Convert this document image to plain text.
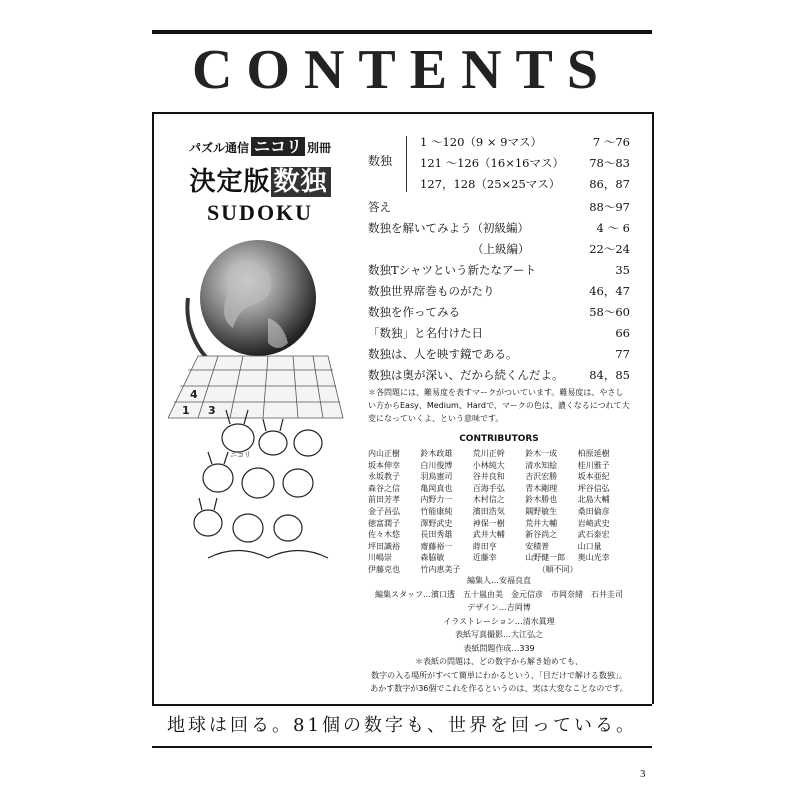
CONTENTS
パズル通信 ニコリ 別冊
決定版 数独
SUDOKU
4
1 3
ニコリ
数独
1 〜120（9 × 9マス）	7 〜76
121 〜126（16×16マス） 78〜83
127，128（25×25マス）	86，87
答え	88〜97
数独を解いてみよう（初級編）	4 〜 6
（上級編）	22〜24
数独Tシャツという新たなアート	35
数独世界席巻ものがたり	46，47
数独を作ってみる	58〜60
「数独」と名付けた日	66
数独は、人を映す鏡である。	77
数独は奥が深い、だから続くんだよ。 84，85
＊各問題には、難易度を表すマークがついています。難易度は、やさしい方からEasy、Medium、Hardで、マークの色は、濃くなるにつれて大変になっていくよ、という意味です。
CONTRIBUTORS
内山正樹	鈴木政雄	荒川正幹	鈴木一成	柏原延樹
坂本伸幸	白川俊博	小林純大	清水知絵	桂川雅子
永坂教子	羽鳥憲司	谷井良和	吉沢宏勝	坂本亜紀
森谷之信	亀岡真也	百海手弘	青木剛理	坪谷信弘
前田芳孝	内野力一	木村信之	鈴木勝也	北島大輔
金子昌弘	竹能康純	濱田浩気	隅野敏生	桑田倫彦
徳富潤子	澤野武史	神保一樹	荒井大輔	岩崎武史
佐々木悠	長田秀雄	武井大輔	新谷尚之	武石泰宏
坪田識裕	齋藤裕一	蒔田亨	安積普	山口量
川嶋崇	森脇敏	近藤幸	山野健一郎	奥山光幸
伊藤克也	竹内恵美子	（順不同）
編集人…安福良直
編集スタッフ…濱口透　五十嵐由美　金元信彦　市岡奈緒　石井圭司
デザイン…吉岡博
イラストレーション…清水眞理
表紙写真撮影…大江弘之
表紙問題作成…339
＊表紙の問題は、どの数字から解き始めても、
数字の入る場所がすべて簡単にわかるという、「目だけで解ける数独」。
あかす数字が36個でこれを作るというのは、実は大変なことなのです。
地球は回る。81個の数字も、世界を回っている。
3
